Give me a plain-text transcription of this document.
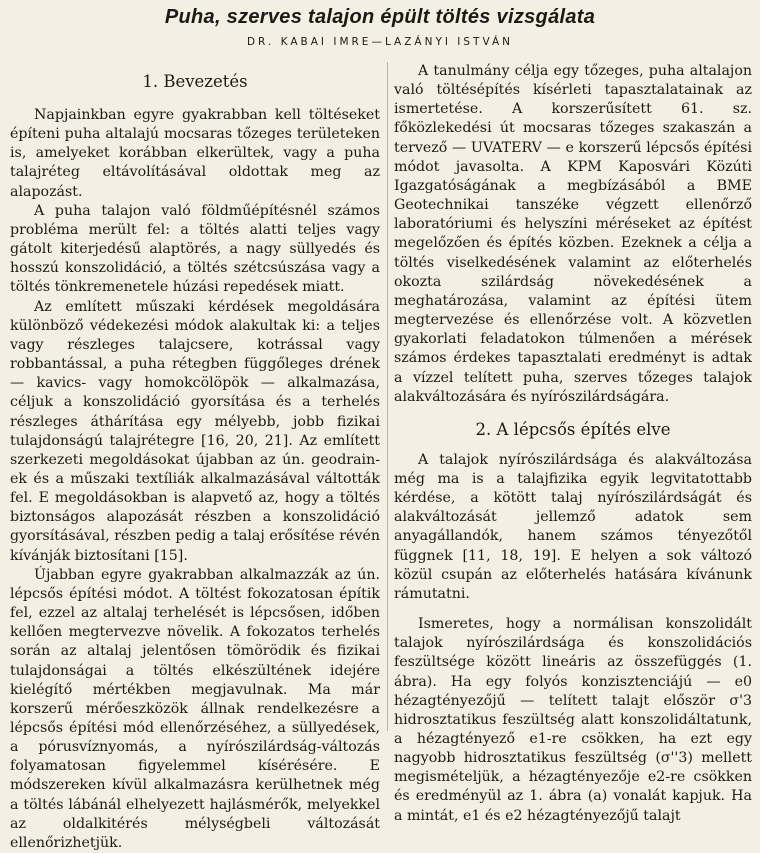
Puha, szerves talajon épült töltés vizsgálata
DR. KABAI IMRE—LAZÁNYI ISTVÁN
1. Bevezetés

Napjainkban egyre gyakrabban kell töltéseket építeni puha altalajú mocsaras tőzeges területeken is, amelyeket korábban elkerültek, vagy a puha talajréteg eltávolításával oldottak meg az alapozást.

A puha talajon való földműépítésnél számos probléma merült fel: a töltés alatti teljes vagy gátolt kiterjedésű alaptörés, a nagy süllyedés és hosszú konszolidáció, a töltés szétcsúszása vagy a töltés tönkremenetele húzási repedések miatt.

Az említett műszaki kérdések megoldására különböző védekezési módok alakultak ki: a teljes vagy részleges talajcsere, kotrással vagy robbantással, a puha rétegben függőleges drének — kavics- vagy homokcölöpök — alkalmazása, céljuk a konszolidáció gyorsítása és a terhelés részleges áthárítása egy mélyebb, jobb fizikai tulajdonságú talajrétegre [16, 20, 21]. Az említett szerkezeti megoldásokat újabban az ún. geodrain-ek és a műszaki textíliák alkalmazásával váltották fel. E megoldásokban is alapvető az, hogy a töltés biztonságos alapozását részben a konszolidáció gyorsításával, részben pedig a talaj erősítése révén kívánják biztosítani [15].

Újabban egyre gyakrabban alkalmazzák az ún. lépcsős építési módot. A töltést fokozatosan építik fel, ezzel az altalaj terhelését is lépcsősen, időben kellően megtervezve növelik. A fokozatos terhelés során az altalaj jelentősen tömörödik és fizikai tulajdonságai a töltés elkészültének idejére kielégítő mértékben megjavulnak. Ma már korszerű mérőeszközök állnak rendelkezésre a lépcsős építési mód ellenőrzéséhez, a süllyedések, a pórusvíznyomás, a nyírószilárdság-változás folyamatosan figyelemmel kísérésére. E módszereken kívül alkalmazásra kerülhetnek még a töltés lábánál elhelyezett hajlásmérők, melyekkel az oldalkitérés mélységbeli változását ellenőrizhetjük.

A tanulmány célja egy tőzeges, puha altalajon való töltésépítés kísérleti tapasztalatainak az ismertetése. A korszerűsített 61. sz. főközlekedési út mocsaras tőzeges szakaszán a tervező — UVATERV — e korszerű lépcsős építési módot javasolta. A KPM Kaposvári Közúti Igazgatóságának a megbízásából a BME Geotechnikai tanszéke végzett ellenőrző laboratóriumi és helyszíni méréseket az építést megelőzően és építés közben. Ezeknek a célja a töltés viselkedésének valamint az előterhelés okozta szilárdság növekedésének a meghatározása, valamint az építési ütem megtervezése és ellenőrzése volt. A közvetlen gyakorlati feladatokon túlmenően a mérések számos érdekes tapasztalati eredményt is adtak a vízzel telített puha, szerves tőzeges talajok alakváltozására és nyírószilárdságára.

2. A lépcsős építés elve

A talajok nyírószilárdsága és alakváltozása még ma is a talajfizika egyik legvitatottabb kérdése, a kötött talaj nyírószilárdságát és alakváltozását jellemző adatok sem anyagállandók, hanem számos tényezőtől függnek [11, 18, 19]. E helyen a sok változó közül csupán az előterhelés hatására kívánunk rámutatni.

Ismeretes, hogy a normálisan konszolidált talajok nyírószilárdsága és konszolidációs feszültsége között lineáris az összefüggés (1. ábra). Ha egy folyós konzisztenciájú — e0 hézagtényezőjű — telített talajt először σ'3 hidrosztatikus feszültség alatt konszolidáltatunk, a hézagtényező e1-re csökken, ha ezt egy nagyobb hidrosztatikus feszültség (σ''3) mellett megismételjük, a hézagtényezője e2-re csökken és eredményül az 1. ábra (a) vonalát kapjuk. Ha a mintát, e1 és e2 hézagtényezőjű talajt
